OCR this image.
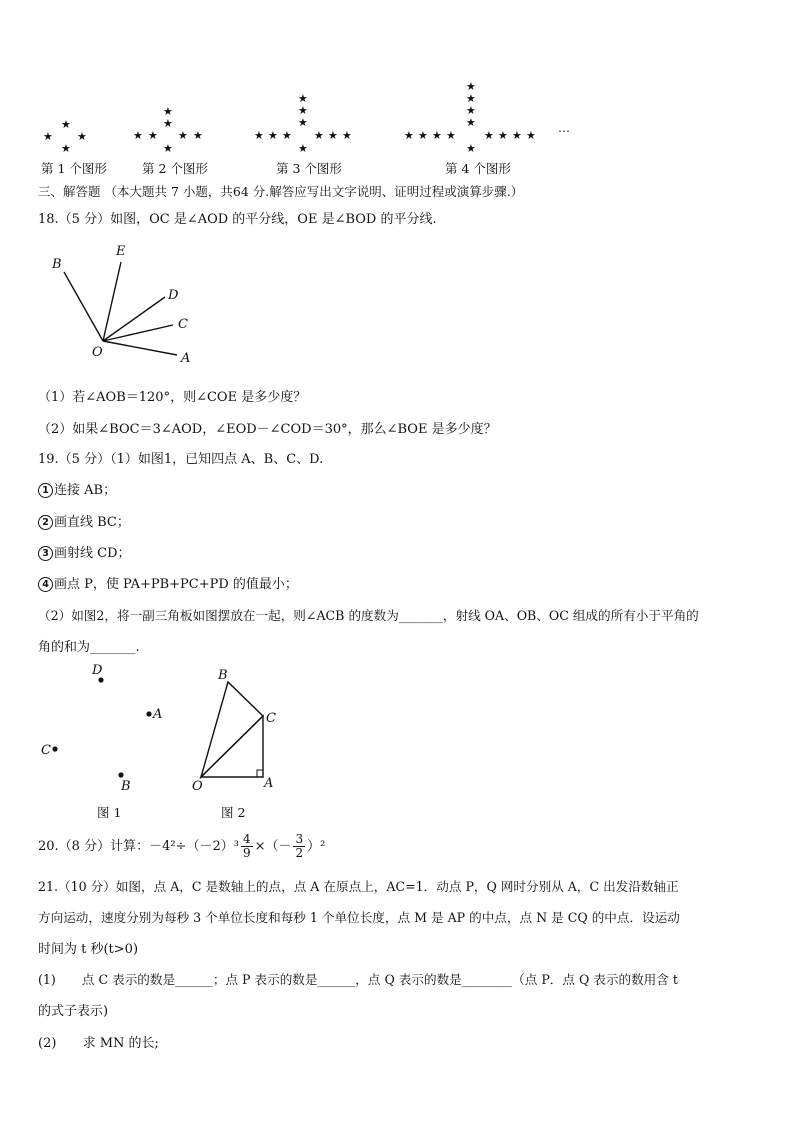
★
★ ★
★
★
★
★ ★ ★ ★
★
★
★
★
★ ★ ★ ★ ★ ★
★
★
★
★
★
★ ★ ★ ★	★ ★ ★ ★
★
…
第 1 个图形	第 2 个图形	第 3 个图形	第 4 个图形
三、解答题 （本大题共 7 小题，共64 分.解答应写出文字说明、证明过程或演算步骤.）
18.（5 分）如图，OC 是∠AOD 的平分线，OE 是∠BOD 的平分线.
B
E
D
C
O	A
（1）若∠AOB＝120°，则∠COE 是多少度？
（2）如果∠BOC＝3∠AOD，∠EOD－∠COD＝30°，那么∠BOE 是多少度？
19.（5 分）（1）如图1，已知四点 A、B、C、D.
1 连接 AB；
2 画直线 BC；
3 画射线 CD；
4 画点 P，使 PA+PB+PC+PD 的值最小；
（2）如图2，将一副三角板如图摆放在一起，则∠ACB 的度数为_______，射线 OA、OB、OC 组成的所有小于平角的
角的和为_______.
D
A
C
B
图 1
B
C
O	A
图 2
20.（8 分）计算：$-4^2\div(-2)^3 \frac{4}{9}$ ×（－ $\frac{3}{2} )^2$
21.（10 分）如图，点 A，C 是数轴上的点，点 A 在原点上，AC=1．动点 P，Q 网时分别从 A，C 出发沿数轴正
方向运动，速度分别为每秒 3 个单位长度和每秒 1 个单位长度，点 M 是 AP 的中点，点 N 是 CQ 的中点．设运动
时间为 t 秒(t>0)
(1) 点 C 表示的数是______；点 P 表示的数是______，点 Q 表示的数是________（点 P．点 Q 表示的数用含 t
的式子表示)
(2) 求 MN 的长;
